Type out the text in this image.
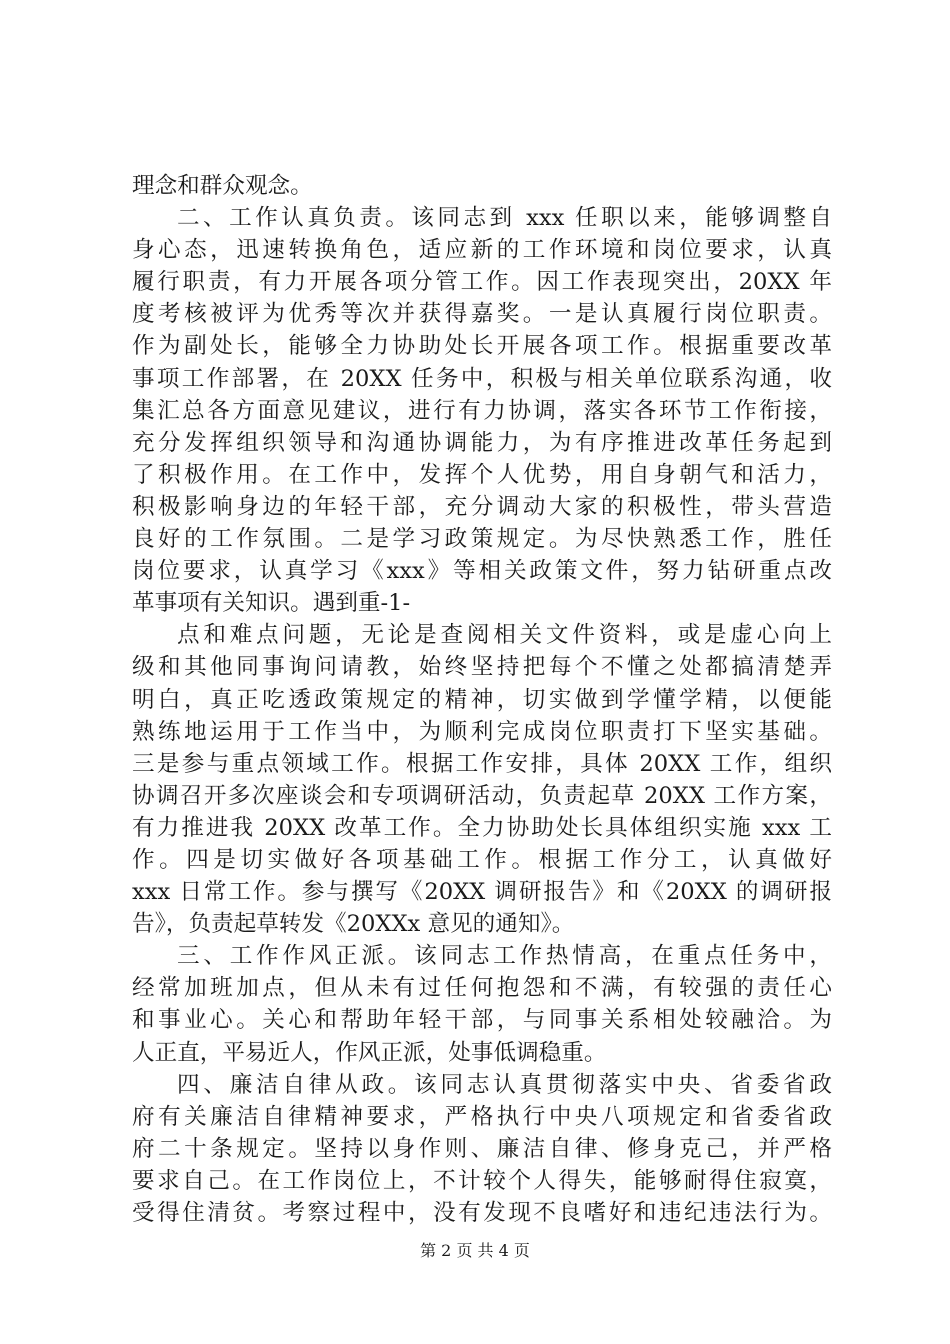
理念和群众观念。
二、工作认真负责。该同志到 xxx 任职以来，能够调整自
身心态，迅速转换角色，适应新的工作环境和岗位要求，认真
履行职责，有力开展各项分管工作。因工作表现突出，20XX 年
度考核被评为优秀等次并获得嘉奖。一是认真履行岗位职责。
作为副处长，能够全力协助处长开展各项工作。根据重要改革
事项工作部署，在 20XX 任务中，积极与相关单位联系沟通，收
集汇总各方面意见建议，进行有力协调，落实各环节工作衔接，
充分发挥组织领导和沟通协调能力，为有序推进改革任务起到
了积极作用。在工作中，发挥个人优势，用自身朝气和活力，
积极影响身边的年轻干部，充分调动大家的积极性，带头营造
良好的工作氛围。二是学习政策规定。为尽快熟悉工作，胜任
岗位要求，认真学习《xxx》等相关政策文件，努力钻研重点改
革事项有关知识。遇到重-1-
点和难点问题，无论是查阅相关文件资料，或是虚心向上
级和其他同事询问请教，始终坚持把每个不懂之处都搞清楚弄
明白，真正吃透政策规定的精神，切实做到学懂学精，以便能
熟练地运用于工作当中，为顺利完成岗位职责打下坚实基础。
三是参与重点领域工作。根据工作安排，具体 20XX 工作，组织
协调召开多次座谈会和专项调研活动，负责起草 20XX 工作方案，
有力推进我 20XX 改革工作。全力协助处长具体组织实施 xxx 工
作。四是切实做好各项基础工作。根据工作分工，认真做好
xxx 日常工作。参与撰写《20XX 调研报告》和《20XX 的调研报
告》，负责起草转发《20XXx 意见的通知》。
三、工作作风正派。该同志工作热情高，在重点任务中，
经常加班加点，但从未有过任何抱怨和不满，有较强的责任心
和事业心。关心和帮助年轻干部，与同事关系相处较融洽。为
人正直，平易近人，作风正派，处事低调稳重。
四、廉洁自律从政。该同志认真贯彻落实中央、省委省政
府有关廉洁自律精神要求，严格执行中央八项规定和省委省政
府二十条规定。坚持以身作则、廉洁自律、修身克己，并严格
要求自己。在工作岗位上，不计较个人得失，能够耐得住寂寞，
受得住清贫。考察过程中，没有发现不良嗜好和违纪违法行为。
第 2 页 共 4 页
